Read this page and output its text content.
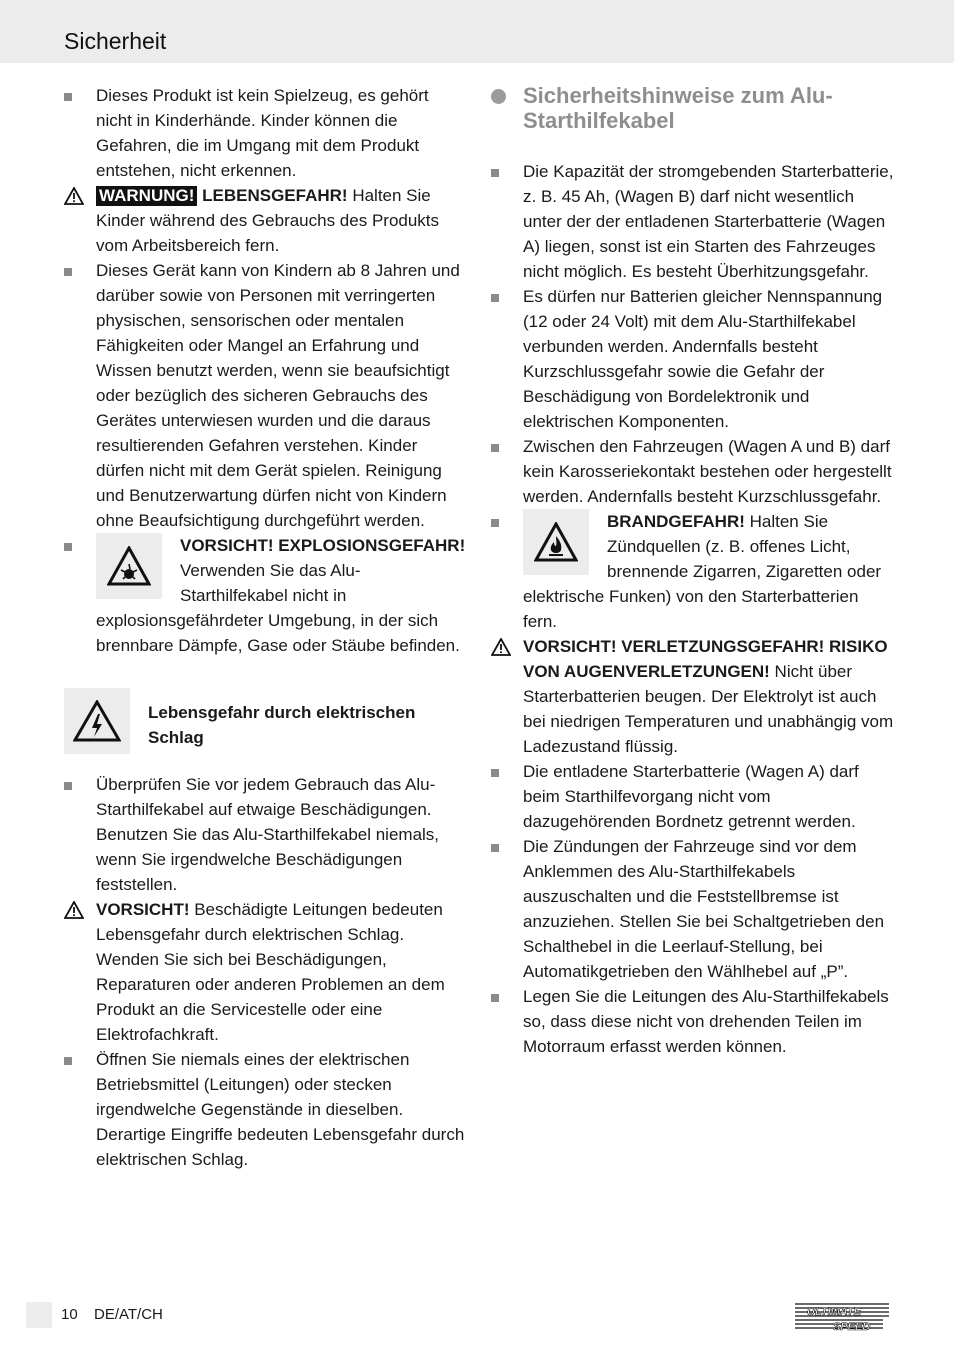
Sicherheit

Dieses Produkt ist kein Spielzeug, es gehört nicht in Kinderhände. Kinder können die Gefahren, die im Umgang mit dem Produkt entstehen, nicht erkennen.

WARNUNG! LEBENSGEFAHR! Halten Sie Kinder während des Gebrauchs des Produkts vom Arbeitsbereich fern.

Dieses Gerät kann von Kindern ab 8 Jahren und darüber sowie von Personen mit verringerten physischen, sensorischen oder mentalen Fähigkeiten oder Mangel an Erfahrung und Wissen benutzt werden, wenn sie beaufsichtigt oder bezüglich des sicheren Gebrauchs des Gerätes unterwiesen wurden und die daraus resultierenden Gefahren verstehen. Kinder dürfen nicht mit dem Gerät spielen. Reinigung und Benutzerwartung dürfen nicht von Kindern ohne Beaufsichtigung durchgeführt werden.

VORSICHT! EXPLOSIONSGEFAHR! Verwenden Sie das Alu-Starthilfekabel nicht in explosionsgefährdeter Umgebung, in der sich brennbare Dämpfe, Gase oder Stäube befinden.

Lebensgefahr durch elektrischen Schlag

Überprüfen Sie vor jedem Gebrauch das Alu-Starthilfekabel auf etwaige Beschädigungen. Benutzen Sie das Alu-Starthilfekabel niemals, wenn Sie irgendwelche Beschädigungen feststellen.

VORSICHT! Beschädigte Leitungen bedeuten Lebensgefahr durch elektrischen Schlag. Wenden Sie sich bei Beschädigungen, Reparaturen oder anderen Problemen an dem Produkt an die Servicestelle oder eine Elektrofachkraft.

Öffnen Sie niemals eines der elektrischen Betriebsmittel (Leitungen) oder stecken irgendwelche Gegenstände in dieselben. Derartige Eingriffe bedeuten Lebensgefahr durch elektrischen Schlag.

Sicherheitshinweise zum Alu-Starthilfekabel

Die Kapazität der stromgebenden Starterbatterie, z. B. 45 Ah, (Wagen B) darf nicht wesentlich unter der der entladenen Starterbatterie (Wagen A) liegen, sonst ist ein Starten des Fahrzeuges nicht möglich. Es besteht Überhitzungsgefahr.

Es dürfen nur Batterien gleicher Nennspannung (12 oder 24 Volt) mit dem Alu-Starthilfekabel verbunden werden. Andernfalls besteht Kurzschlussgefahr sowie die Gefahr der Beschädigung von Bordelektronik und elektrischen Komponenten.

Zwischen den Fahrzeugen (Wagen A und B) darf kein Karosseriekontakt bestehen oder hergestellt werden. Andernfalls besteht Kurzschlussgefahr.

BRANDGEFAHR! Halten Sie Zündquellen (z. B. offenes Licht, brennende Zigarren, Zigaretten oder elektrische Funken) von den Starterbatterien fern.

VORSICHT! VERLETZUNGSGEFAHR! RISIKO VON AUGENVERLETZUNGEN! Nicht über Starterbatterien beugen. Der Elektrolyt ist auch bei niedrigen Temperaturen und unabhängig vom Ladezustand flüssig.

Die entladene Starterbatterie (Wagen A) darf beim Starthilfevorgang nicht vom dazugehörenden Bordnetz getrennt werden.

Die Zündungen der Fahrzeuge sind vor dem Anklemmen des Alu-Starthilfekabels auszuschalten und die Feststellbremse ist anzuziehen. Stellen Sie bei Schaltgetrieben den Schalthebel in die Leerlauf-Stellung, bei Automatikgetrieben den Wählhebel auf „P”.

Legen Sie die Leitungen des Alu-Starthilfekabels so, dass diese nicht von drehenden Teilen im Motorraum erfasst werden können.

10 DE/AT/CH	ULTIMATE
SPEED
